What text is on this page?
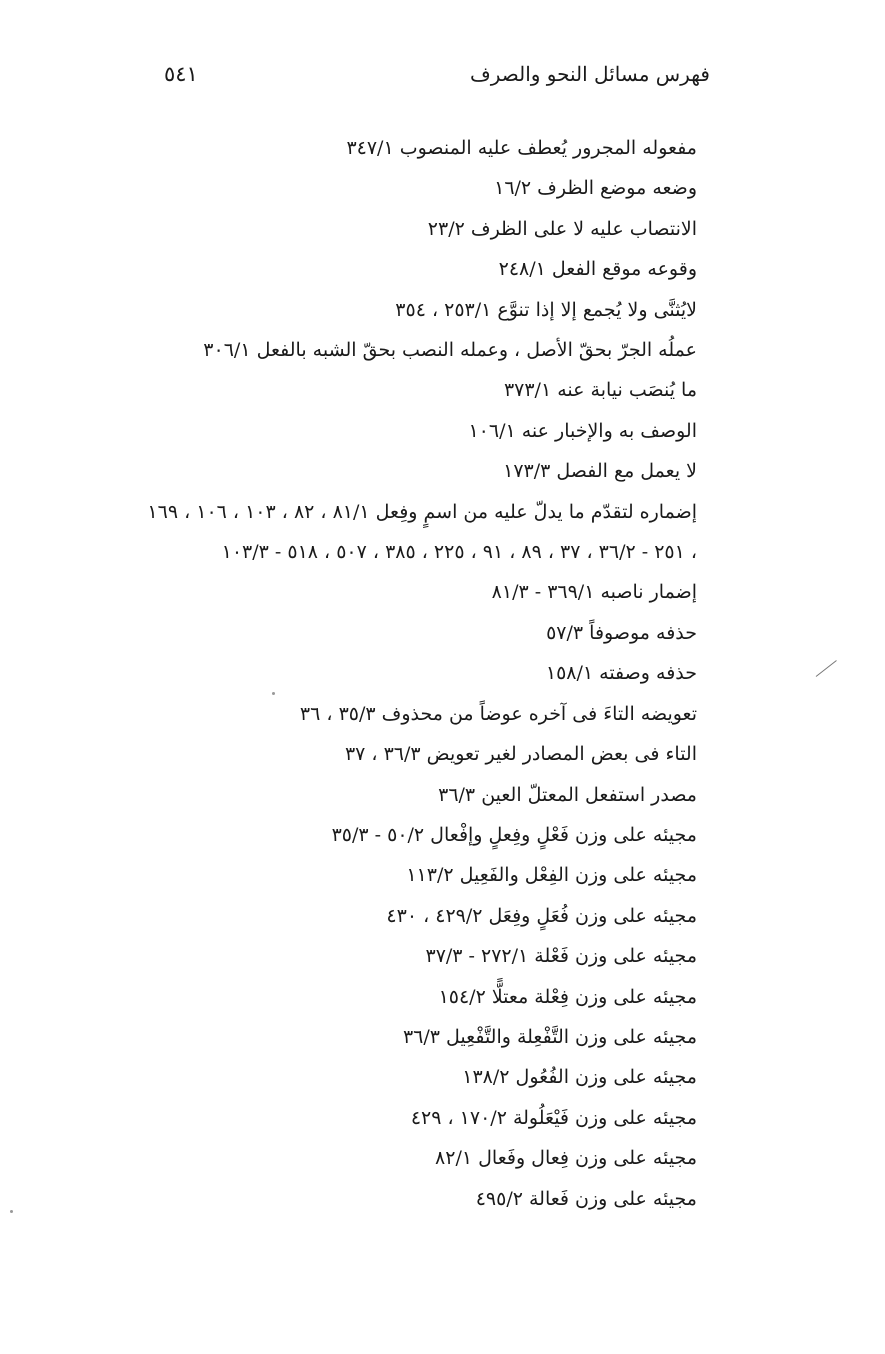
٥٤١	فهرس مسائل النحو والصرف
مفعوله المجرور يُعطف عليه المنصوب ٣٤٧/١
وضعه موضع الظرف ١٦/٢
الانتصاب عليه لا على الظرف ٢٣/٢
وقوعه موقع الفعل ٢٤٨/١
لايُثنَّى ولا يُجمع إلا إذا تنوَّع ٢٥٣/١ ، ٣٥٤
عملُه الجرّ بحقّ الأصل ، وعمله النصب بحقّ الشبه بالفعل ٣٠٦/١
ما يُنصَب نيابة عنه ٣٧٣/١
الوصف به والإخبار عنه ١٠٦/١
لا يعمل مع الفصل ١٧٣/٣
إضماره لتقدّم ما يدلّ عليه من اسمٍ وفِعل ٨١/١ ، ٨٢ ، ١٠٣ ، ١٠٦ ، ١٦٩ ، ٢٥١ - ٣٦/٢ ، ٣٧ ، ٨٩ ، ٩١ ، ٢٢٥ ، ٣٨٥ ، ٥٠٧ ، ٥١٨ - ١٠٣/٣
إضمار ناصبه ٣٦٩/١ - ٨١/٣
حذفه موصوفاً ٥٧/٣
حذفه وصفته ١٥٨/١
تعويضه التاءَ فى آخره عوضاً من محذوف ٣٥/٣ ، ٣٦
التاء فى بعض المصادر لغير تعويض ٣٦/٣ ، ٣٧
مصدر استفعل المعتلّ العين ٣٦/٣
مجيئه على وزن فَعْلٍ وفِعلٍ وإفْعال ٥٠/٢ - ٣٥/٣
مجيئه على وزن الفِعْل والفَعِيل ١١٣/٢
مجيئه على وزن فُعَلٍ وفِعَل ٤٢٩/٢ ، ٤٣٠
مجيئه على وزن فَعْلة ٢٧٢/١ - ٣٧/٣
مجيئه على وزن فِعْلة معتلًّا ١٥٤/٢
مجيئه على وزن التَّفْعِلة والتَّفْعِيل ٣٦/٣
مجيئه على وزن الفُعُول ١٣٨/٢
مجيئه على وزن فَيْعَلُولة ١٧٠/٢ ، ٤٢٩
مجيئه على وزن فِعال وفَعال ٨٢/١
مجيئه على وزن فَعالة ٤٩٥/٢
